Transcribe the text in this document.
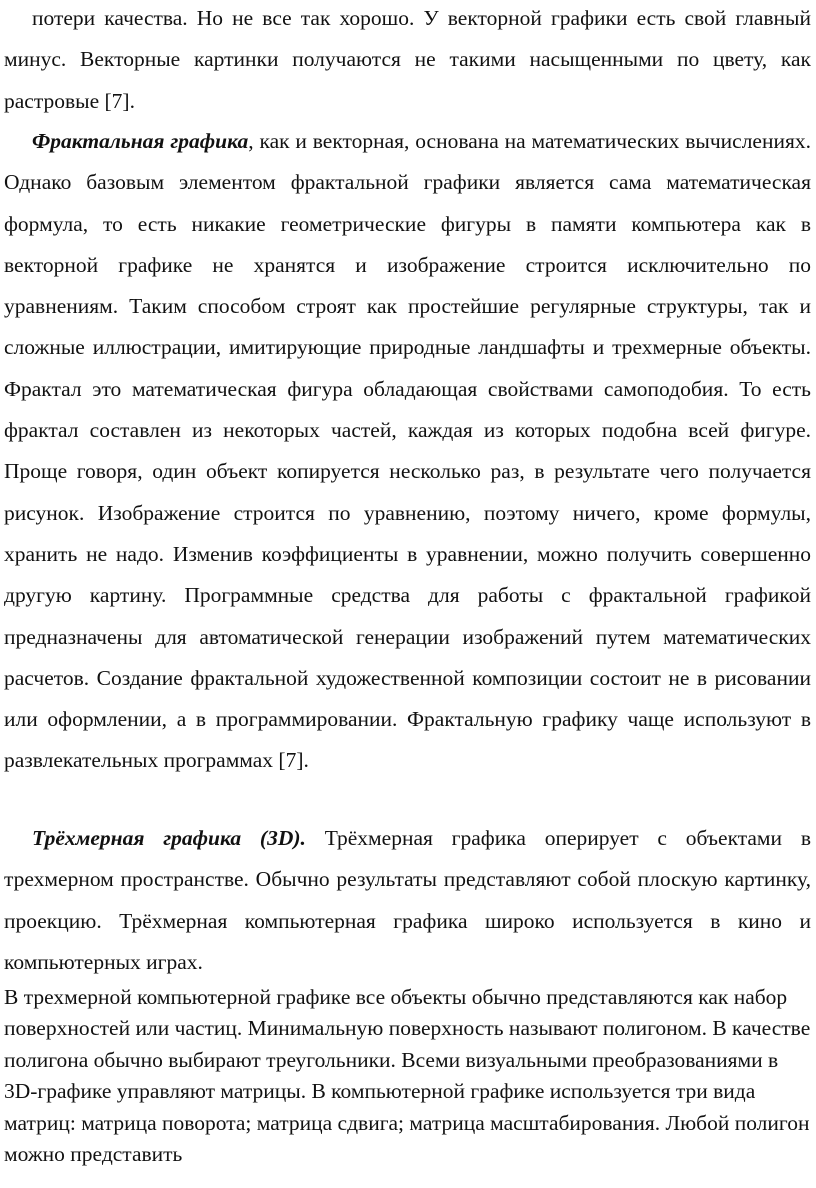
потери качества. Но не все так хорошо. У векторной графики есть свой главный минус. Векторные картинки получаются не такими насыщенными по цвету, как растровые [7].

Фрактальная графика, как и векторная, основана на математических вычислениях. Однако базовым элементом фрактальной графики является сама математическая формула, то есть никакие геометрические фигуры в памяти компьютера как в векторной графике не хранятся и изображение строится исключительно по уравнениям. Таким способом строят как простейшие регулярные структуры, так и сложные иллюстрации, имитирующие природные ландшафты и трехмерные объекты. Фрактал это математическая фигура обладающая свойствами самоподобия. То есть фрактал составлен из некоторых частей, каждая из которых подобна всей фигуре. Проще говоря, один объект копируется несколько раз, в результате чего получается рисунок. Изображение строится по уравнению, поэтому ничего, кроме формулы, хранить не надо. Изменив коэффициенты в уравнении, можно получить совершенно другую картину. Программные средства для работы с фрактальной графикой предназначены для автоматической генерации изображений путем математических расчетов. Создание фрактальной художественной композиции состоит не в рисовании или оформлении, а в программировании. Фрактальную графику чаще используют в развлекательных программах [7].

Трёхмерная графика (3D). Трёхмерная графика оперирует с объектами в трехмерном пространстве. Обычно результаты представляют собой плоскую картинку, проекцию. Трёхмерная компьютерная графика широко используется в кино и компьютерных играх.

В трехмерной компьютерной графике все объекты обычно представляются как набор поверхностей или частиц. Минимальную поверхность называют полигоном. В качестве полигона обычно выбирают треугольники. Всеми визуальными преобразованиями в 3D-графике управляют матрицы. В компьютерной графике используется три вида матриц: матрица поворота; матрица сдвига; матрица масштабирования. Любой полигон можно представить
